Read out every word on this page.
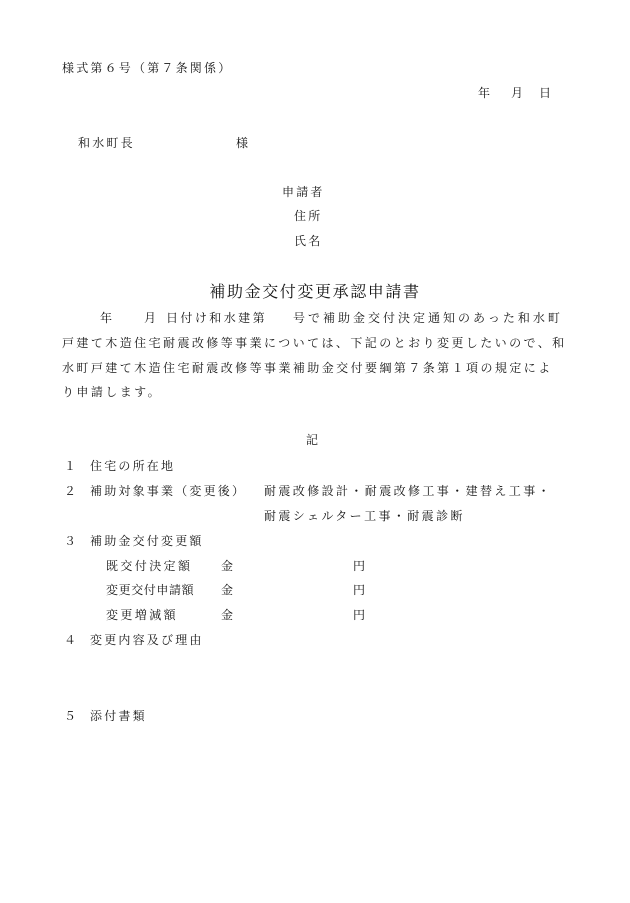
様式第６号（第７条関係）
年 月 日
和水町長	様
申請者
住所
氏名
補助金交付変更承認申請書
年 月 日付け和水建第 号で補助金交付決定通知のあった和水町
戸建て木造住宅耐震改修等事業については、下記のとおり変更したいので、和
水町戸建て木造住宅耐震改修等事業補助金交付要綱第７条第１項の規定によ
り申請します。
記
１ 住宅の所在地
２ 補助対象事業（変更後） 耐震改修設計・耐震改修工事・建替え工事・
耐震シェルター工事・耐震診断
３ 補助金交付変更額
既交付決定額 金	円
変更交付申請額 金	円
変更増減額	金	円
４ 変更内容及び理由
５ 添付書類
